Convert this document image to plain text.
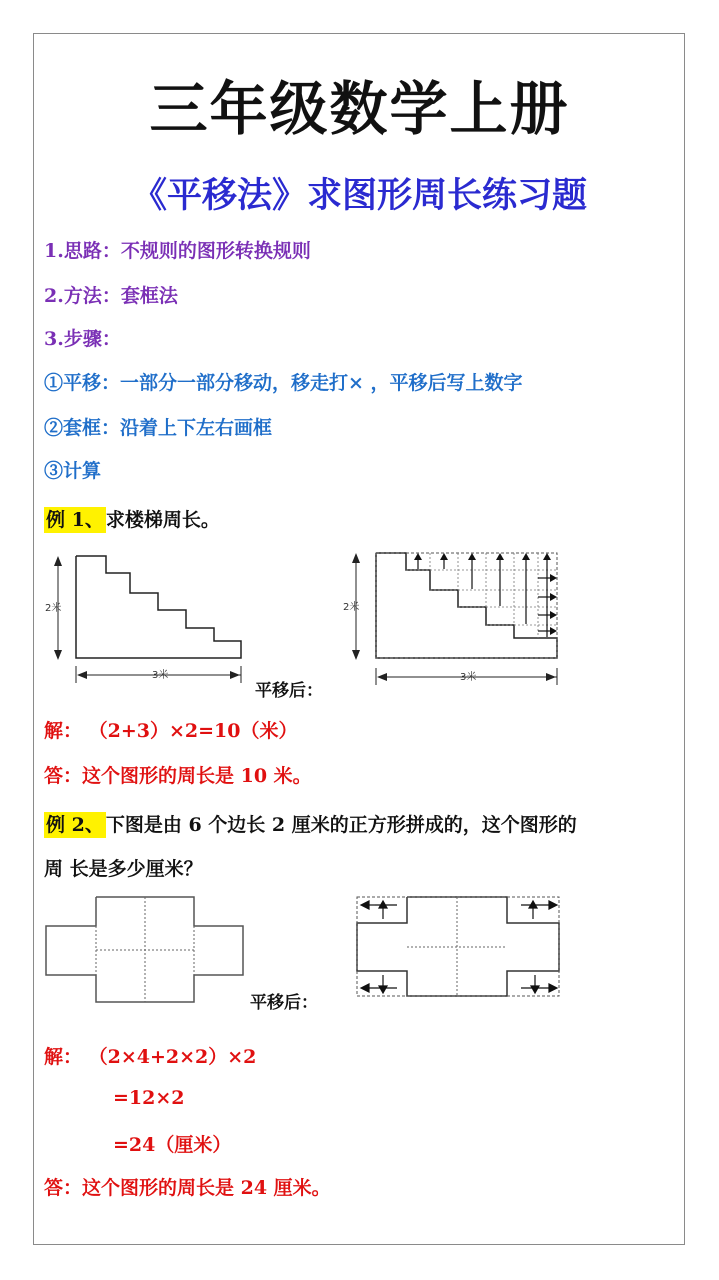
三年级数学上册
《平移法》求图形周长练习题
1.思路：不规则的图形转换规则
2.方法：套框法
3.步骤：
①平移：一部分一部分移动，移走打× ，平移后写上数字
②套框：沿着上下左右画框
③计算
例 1、 求楼梯周长。
2米
3米
平移后：
2米
3米
解： （2+3）×2=10（米）
答：这个图形的周长是 10 米。
例 2、 下图是由 6 个边长 2 厘米的正方形拼成的，这个图形的
周 长是多少厘米？
平移后：
解： （2×4+2×2）×2
=12×2
=24（厘米）
答：这个图形的周长是 24 厘米。
